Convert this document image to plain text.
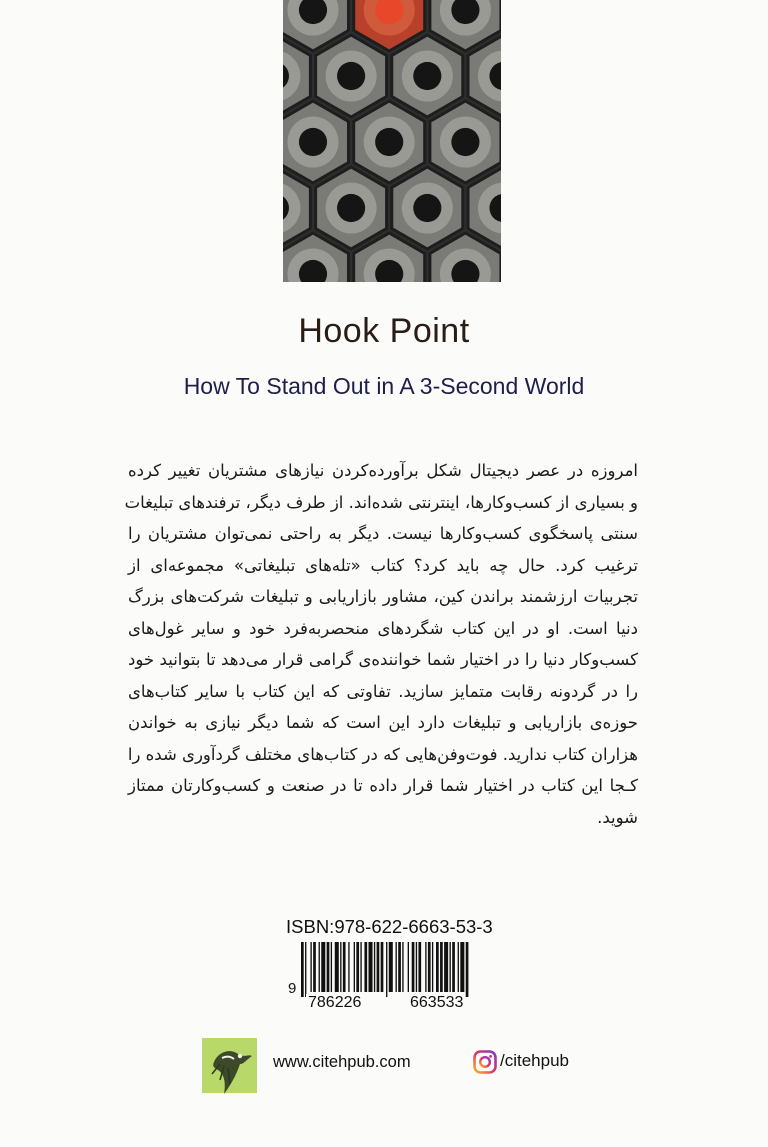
Hook Point
How To Stand Out in A 3-Second World
امروزه در عصر دیجیتال شکل برآورده‌کردن نیازهای مشتریان تغییر کرده
و بسیاری از کسب‌وکارها، اینترنتی شده‌اند. از طرف دیگر، ترفندهای تبلیغات
سنتی پاسخگوی کسب‌وکارها نیست. دیگر به راحتی نمی‌توان مشتریان را
ترغیب کرد. حال چه باید کرد؟ کتاب «تله‌های تبلیغاتی» مجموعه‌ای از
تجربیات ارزشمند براندن کین، مشاور بازاریابی و تبلیغات شرکت‌های بزرگ
دنیا است. او در این کتاب شگردهای منحصربه‌فرد خود و سایر غول‌های
کسب‌وکار دنیا را در اختیار شما خواننده‌ی گرامی قرار می‌دهد تا بتوانید خود
را در گردونه رقابت متمایز سازید. تفاوتی که این کتاب با سایر کتاب‌های
حوزه‌ی بازاریابی و تبلیغات دارد این است که شما دیگر نیازی به خواندن
هزاران کتاب ندارید. فوت‌وفن‌هایی که در کتاب‌های مختلف گردآوری شده را
کـجا این کتاب در اختیار شما قرار داده تا در صنعت و کسب‌وکارتان ممتاز
شوید.
ISBN:978-622-6663-53-3
9
786226	663533
www.citehpub.com	/citehpub
